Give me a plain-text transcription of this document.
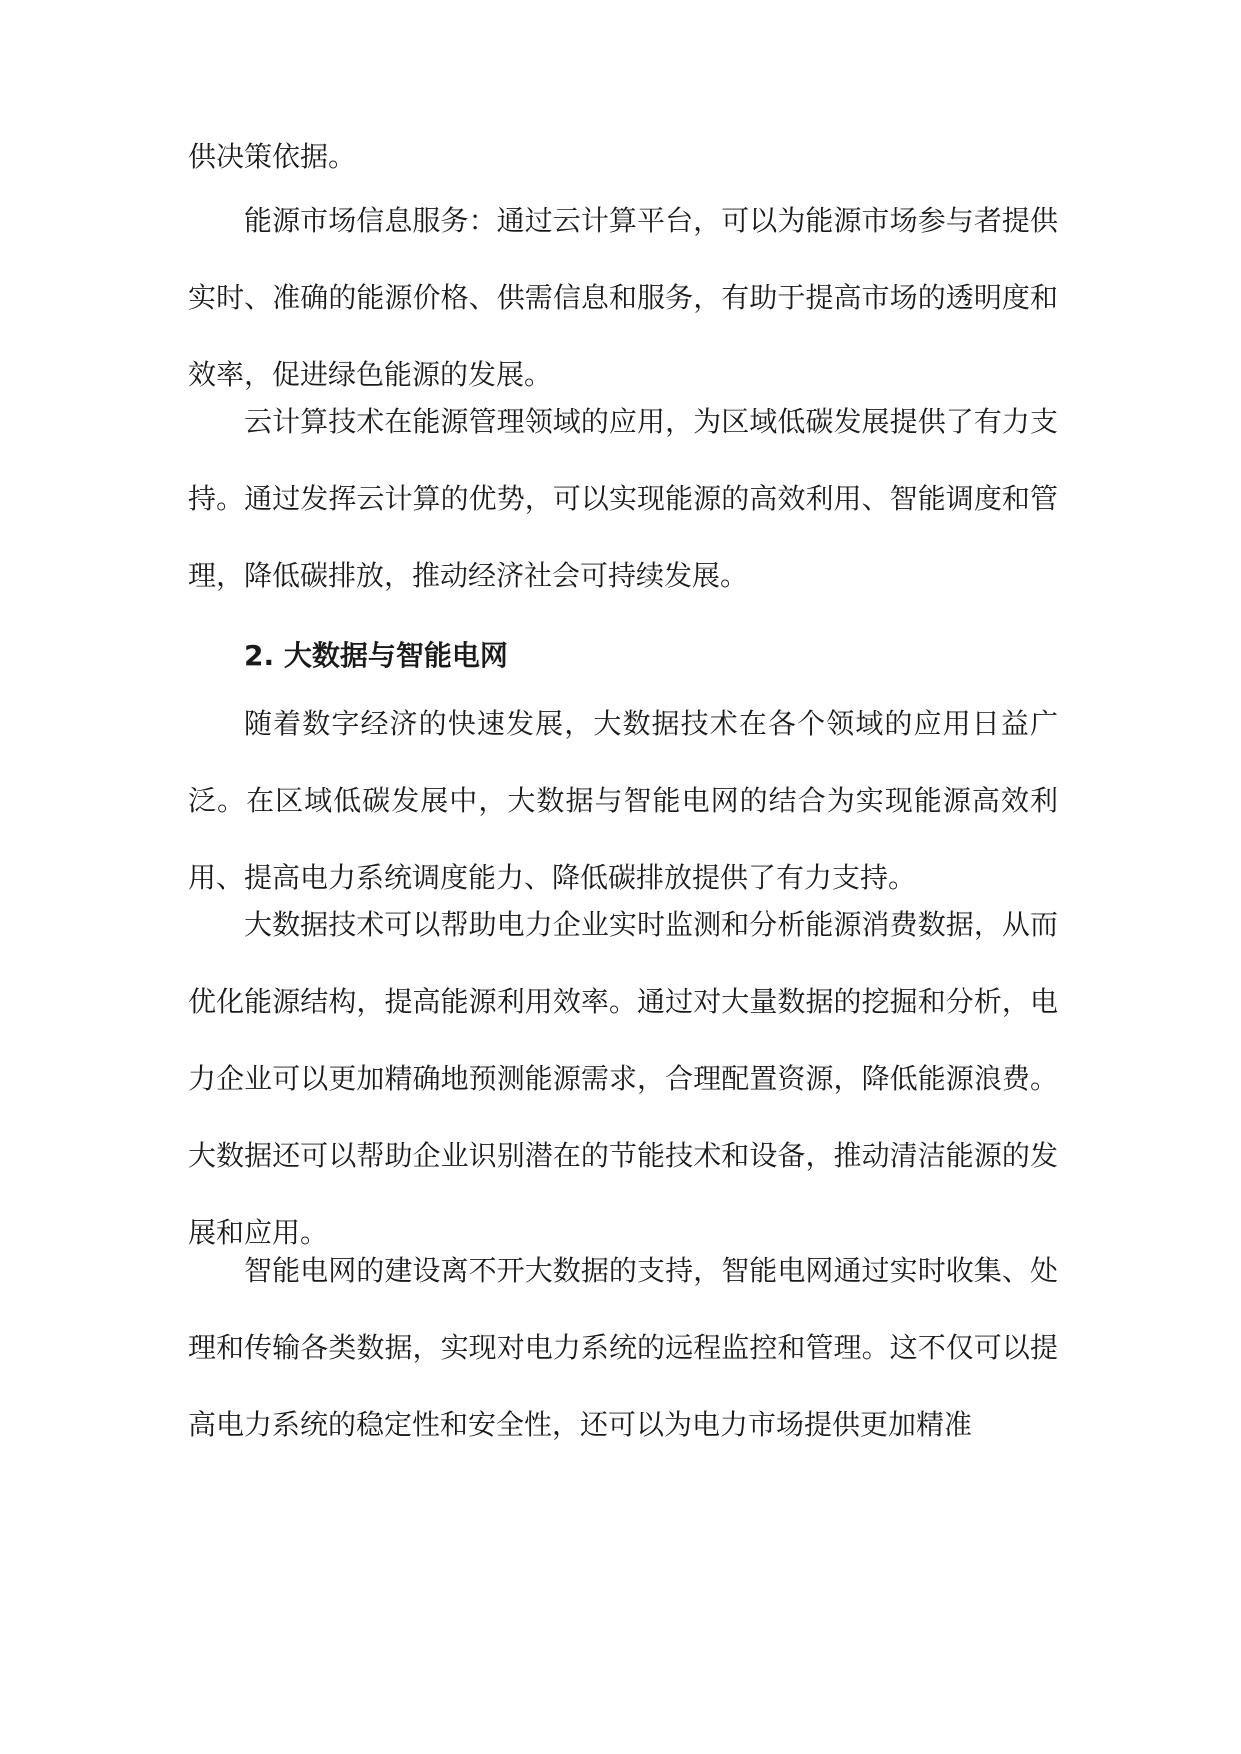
供决策依据。

能源市场信息服务：通过云计算平台，可以为能源市场参与者提供实时、准确的能源价格、供需信息和服务，有助于提高市场的透明度和效率，促进绿色能源的发展。

云计算技术在能源管理领域的应用，为区域低碳发展提供了有力支持。通过发挥云计算的优势，可以实现能源的高效利用、智能调度和管理，降低碳排放，推动经济社会可持续发展。

2. 大数据与智能电网

随着数字经济的快速发展，大数据技术在各个领域的应用日益广泛。在区域低碳发展中，大数据与智能电网的结合为实现能源高效利用、提高电力系统调度能力、降低碳排放提供了有力支持。

大数据技术可以帮助电力企业实时监测和分析能源消费数据，从而优化能源结构，提高能源利用效率。通过对大量数据的挖掘和分析，电力企业可以更加精确地预测能源需求，合理配置资源，降低能源浪费。大数据还可以帮助企业识别潜在的节能技术和设备，推动清洁能源的发展和应用。

智能电网的建设离不开大数据的支持，智能电网通过实时收集、处理和传输各类数据，实现对电力系统的远程监控和管理。这不仅可以提高电力系统的稳定性和安全性，还可以为电力市场提供更加精准
